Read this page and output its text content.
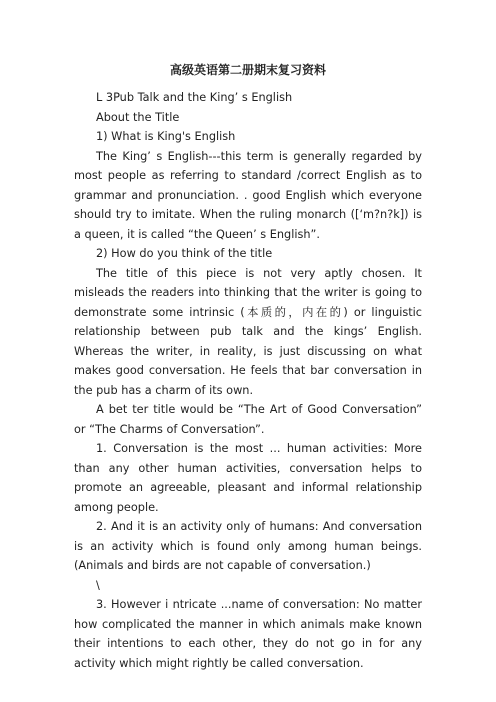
高级英语第二册期末复习资料

L 3Pub Talk and the King’ s English

About the Title

1) What is King's English

The King’ s English---this term is generally regarded by most people as referring to standard /correct English as to grammar and pronunciation. . good English which everyone should try to imitate. When the ruling monarch ([‘m?n?k]) is a queen, it is called “the Queen’ s English”.

2) How do you think of the title

The title of this piece is not very aptly chosen. It misleads the readers into thinking that the writer is going to demonstrate some intrinsic (本质的，内在的) or linguistic relationship between pub talk and the kings’ English. Whereas the writer, in reality, is just discussing on what makes good conversation. He feels that bar conversation in the pub has a charm of its own.

A bet ter title would be “The Art of Good Conversation” or “The Charms of Conversation”.

1. Conversation is the most ... human activities: More than any other human activities, conversation helps to promote an agreeable, pleasant and informal relationship among people.

2. And it is an activity only of humans: And conversation is an activity which is found only among human beings. (Animals and birds are not capable of conversation.)

\

3. However i ntricate ...name of conversation: No matter how complicated the manner in which animals make known their intentions to each other, they do not go in for any activity which might rightly be called conversation.
